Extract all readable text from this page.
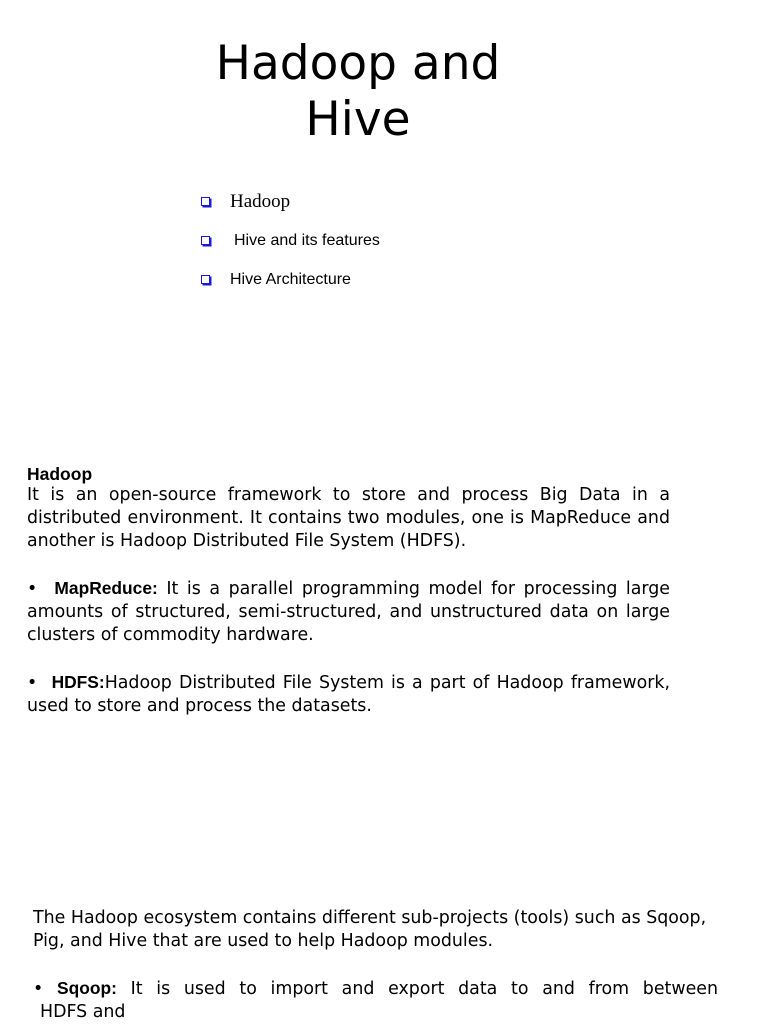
Hadoop and
Hive
Hadoop
Hive and its features
Hive Architecture

Hadoop

It is an open-source framework to store and process Big Data in a distributed environment. It contains two modules, one is MapReduce and another is Hadoop Distributed File System (HDFS).

• MapReduce: It is a parallel programming model for processing large amounts of structured, semi-structured, and unstructured data on large clusters of commodity hardware.

• HDFS:Hadoop Distributed File System is a part of Hadoop framework, used to store and process the datasets.

The Hadoop ecosystem contains different sub-projects (tools) such as Sqoop, Pig, and Hive that are used to help Hadoop modules.

• Sqoop: It is used to import and export data to and from between

HDFS and
